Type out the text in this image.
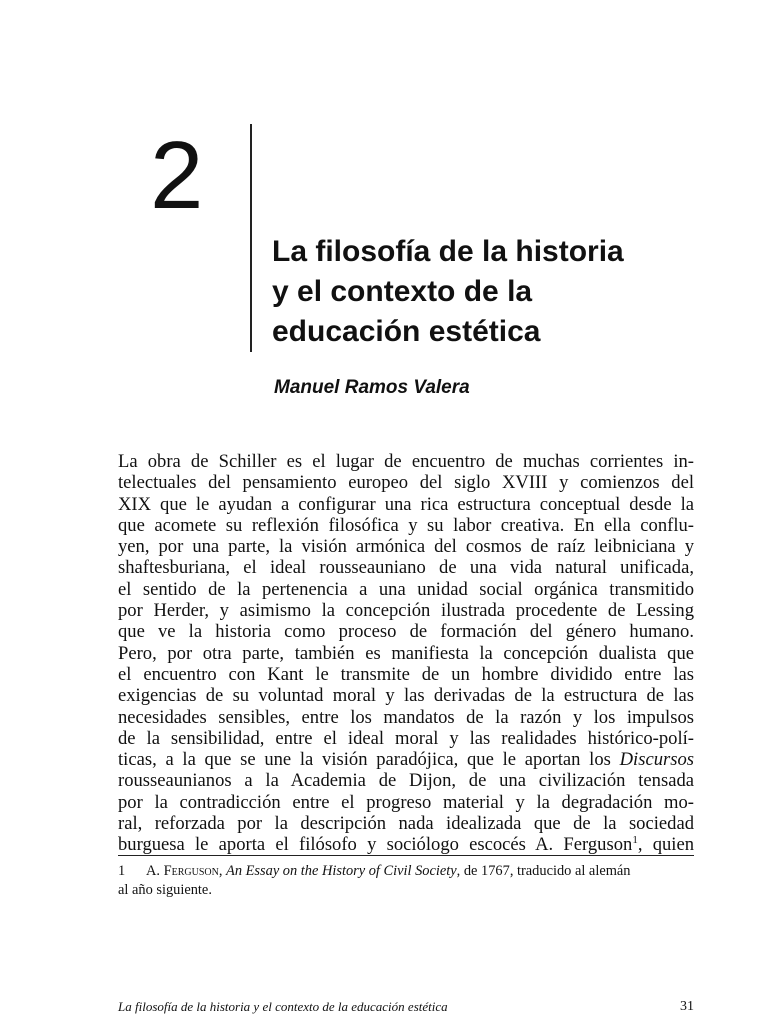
2
La filosofía de la historia
y el contexto de la
educación estética
Manuel Ramos Valera
La obra de Schiller es el lugar de encuentro de muchas corrientes in-
telectuales del pensamiento europeo del siglo XVIII y comienzos del
XIX que le ayudan a configurar una rica estructura conceptual desde la
que acomete su reflexión filosófica y su labor creativa. En ella conflu-
yen, por una parte, la visión armónica del cosmos de raíz leibniciana y
shaftesburiana, el ideal rousseauniano de una vida natural unificada,
el sentido de la pertenencia a una unidad social orgánica transmitido
por Herder, y asimismo la concepción ilustrada procedente de Lessing
que ve la historia como proceso de formación del género humano.
Pero, por otra parte, también es manifiesta la concepción dualista que
el encuentro con Kant le transmite de un hombre dividido entre las
exigencias de su voluntad moral y las derivadas de la estructura de las
necesidades sensibles, entre los mandatos de la razón y los impulsos
de la sensibilidad, entre el ideal moral y las realidades histórico-polí-
ticas, a la que se une la visión paradójica, que le aportan los Discursos
rousseaunianos a la Academia de Dijon, de una civilización tensada
por la contradicción entre el progreso material y la degradación mo-
ral, reforzada por la descripción nada idealizada que de la sociedad
burguesa le aporta el filósofo y sociólogo escocés A. Ferguson$^1$, quien
1 A. Ferguson, An Essay on the History of Civil Society, de 1767, traducido al alemán
al año siguiente.
La filosofía de la historia y el contexto de la educación estética	31
